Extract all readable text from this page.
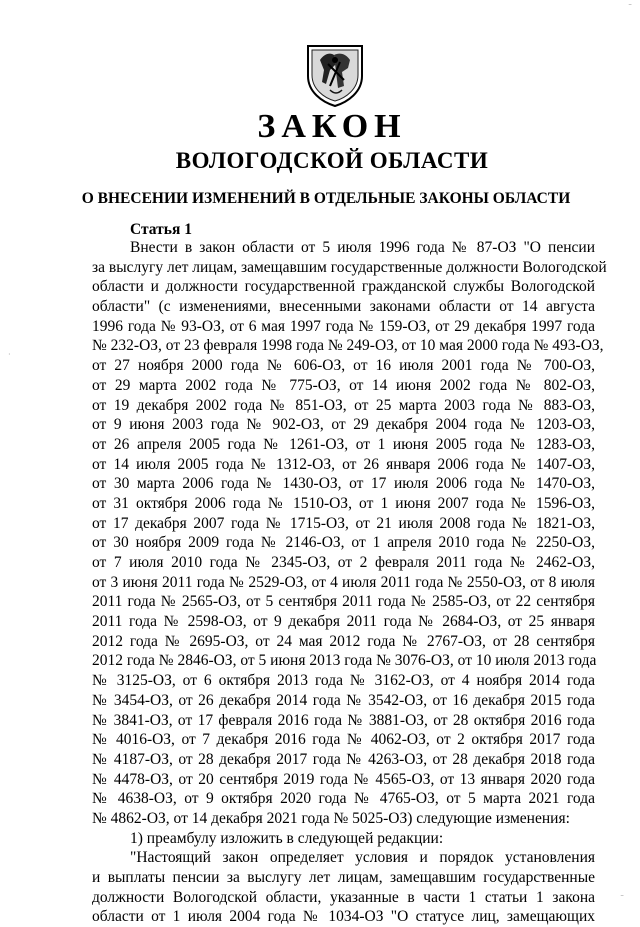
⁻
ЗАКОН
ВОЛОГОДСКОЙ ОБЛАСТИ
О ВНЕСЕНИИ ИЗМЕНЕНИЙ В ОТДЕЛЬНЫЕ ЗАКОНЫ ОБЛАСТИ
Статья 1
·
Внести в закон области от 5 июля 1996 года № 87-ОЗ "О пенсии
за выслугу лет лицам, замещавшим государственные должности Вологодской
области и должности государственной гражданской службы Вологодской
области" (с изменениями, внесенными законами области от 14 августа
1996 года № 93-ОЗ, от 6 мая 1997 года № 159-ОЗ, от 29 декабря 1997 года
№ 232-ОЗ, от 23 февраля 1998 года № 249-ОЗ, от 10 мая 2000 года № 493-ОЗ,
от 27 ноября 2000 года № 606-ОЗ, от 16 июля 2001 года № 700-ОЗ,
от 29 марта 2002 года № 775-ОЗ, от 14 июня 2002 года № 802-ОЗ,
от 19 декабря 2002 года № 851-ОЗ, от 25 марта 2003 года № 883-ОЗ,
от 9 июня 2003 года № 902-ОЗ, от 29 декабря 2004 года № 1203-ОЗ,
от 26 апреля 2005 года № 1261-ОЗ, от 1 июня 2005 года № 1283-ОЗ,
от 14 июля 2005 года № 1312-ОЗ, от 26 января 2006 года № 1407-ОЗ,
от 30 марта 2006 года № 1430-ОЗ, от 17 июля 2006 года № 1470-ОЗ,
от 31 октября 2006 года № 1510-ОЗ, от 1 июня 2007 года № 1596-ОЗ,
от 17 декабря 2007 года № 1715-ОЗ, от 21 июля 2008 года № 1821-ОЗ,
от 30 ноября 2009 года № 2146-ОЗ, от 1 апреля 2010 года № 2250-ОЗ,
от 7 июля 2010 года № 2345-ОЗ, от 2 февраля 2011 года № 2462-ОЗ,
от 3 июня 2011 года № 2529-ОЗ, от 4 июля 2011 года № 2550-ОЗ, от 8 июля
2011 года № 2565-ОЗ, от 5 сентября 2011 года № 2585-ОЗ, от 22 сентября
2011 года № 2598-ОЗ, от 9 декабря 2011 года № 2684-ОЗ, от 25 января
2012 года № 2695-ОЗ, от 24 мая 2012 года № 2767-ОЗ, от 28 сентября
2012 года № 2846-ОЗ, от 5 июня 2013 года № 3076-ОЗ, от 10 июля 2013 года
№ 3125-ОЗ, от 6 октября 2013 года № 3162-ОЗ, от 4 ноября 2014 года
№ 3454-ОЗ, от 26 декабря 2014 года № 3542-ОЗ, от 16 декабря 2015 года
№ 3841-ОЗ, от 17 февраля 2016 года № 3881-ОЗ, от 28 октября 2016 года
№ 4016-ОЗ, от 7 декабря 2016 года № 4062-ОЗ, от 2 октября 2017 года
№ 4187-ОЗ, от 28 декабря 2017 года № 4263-ОЗ, от 28 декабря 2018 года
№ 4478-ОЗ, от 20 сентября 2019 года № 4565-ОЗ, от 13 января 2020 года
№ 4638-ОЗ, от 9 октября 2020 года № 4765-ОЗ, от 5 марта 2021 года
№ 4862-ОЗ, от 14 декабря 2021 года № 5025-ОЗ) следующие изменения:
1) преамбулу изложить в следующей редакции:
"Настоящий закон определяет условия и порядок установления
и выплаты пенсии за выслугу лет лицам, замещавшим государственные
должности Вологодской области, указанные в части 1 статьи 1 закона
области от 1 июля 2004 года № 1034-ОЗ "О статусе лиц, замещающих
⁻
